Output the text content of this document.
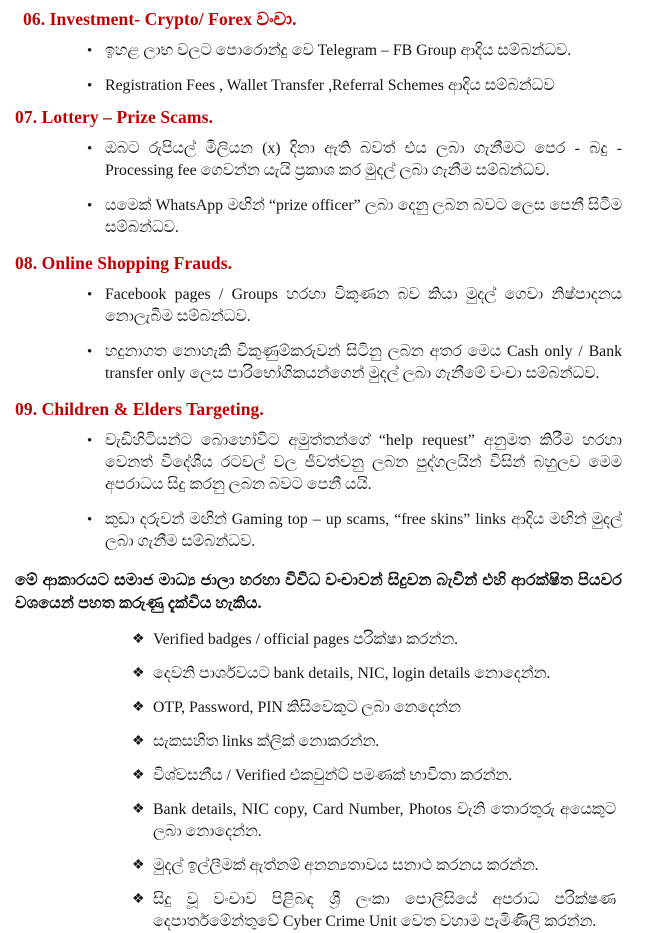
06. Investment- Crypto/ Forex වංචා.
• ඉහළ ලාභ වලට පොරොන්දු වෙ Telegram – FB Group ආදිය සම්බන්ධව.
• Registration Fees , Wallet Transfer ,Referral Schemes ආදිය සම්බන්ධව
07. Lottery – Prize Scams.
• ඔබට රුපියල් මිලියන (x) දිනා ඇති බවත් එය ලබා ගැනීමට පෙර - බදු - Processing fee ගෙවන්න යැයි ප්‍රකාශ කර මුදල් ලබා ගැනීම සම්බන්ධව.
• යමෙක් WhatsApp මඟින් “prize officer” ලබා දෙනු ලබන බවට ලෙස පෙනී සිටීම සම්බන්ධව.
08. Online Shopping Frauds.
• Facebook pages / Groups හරහා විකුණන බව කියා මුදල් ගෙවා නිෂ්පාදනය නොලැබීම සම්බන්ධව.
• හදුනාගත නොහැකි විකුණුම්කරුවන් සිටිනු ලබන අතර මෙය Cash only / Bank transfer only ලෙස පාරිභෝගිකයන්ගෙන් මුදල් ලබා ගැනීමේ වංචා සම්බන්ධව.
09. Children & Elders Targeting.
• වැඩිහිටියන්ට බොහෝවිට අමුත්තන්ගේ “help request” අනුමත කිරීම හරහා වෙනත් විදේශීය රටවල් වල ජීවත්වනු ලබන පුද්ගලයින් විසින් බහුලව මෙම අපරාධය සිදු කරනු ලබන බවට පෙනී යයි.
• කුඩා දරුවන් මඟින් Gaming top – up scams, “free skins” links ආදිය මඟින් මුදල් ලබා ගැනීම සම්බන්ධව.

මේ ආකාරයට සමාජ මාධ්‍ය ජාලා හරහා විවිධ වංචාවන් සිදුවන බැවින් එහි ආරක්ෂිත පියවර වශයෙන් පහත කරුණු දැක්විය හැකිය.

❖ Verified badges / official pages පරික්ෂා කරන්න.
❖ දෙවනි පාර්ශවයට bank details, NIC, login details නොදෙන්න.
❖ OTP, Password, PIN කිසිවෙකුට ලබා නෙදෙන්න
❖ සැකසහිත links ක්ලික් නොකරන්න.
❖ විශ්වසනීය / Verified එකවුන්ට් පමණක් භාවිතා කරන්න.
❖ Bank details, NIC copy, Card Number, Photos වැනි තොරතුරු අයෙකුට ලබා නොදෙන්න.
❖ මුදල් ඉල්ලීමක් ඇත්නම් අනන්‍යතාවය සනාථ කරනය කරන්න.
❖ සිදු වූ වංචාව පිළිබඳ ශ්‍රී ලංකා පොලිසියේ අපරාධ පරික්ෂණ දෙපාර්තමේන්තුවේ Cyber Crime Unit වෙත වහාම පැමිණිලි කරන්න.
